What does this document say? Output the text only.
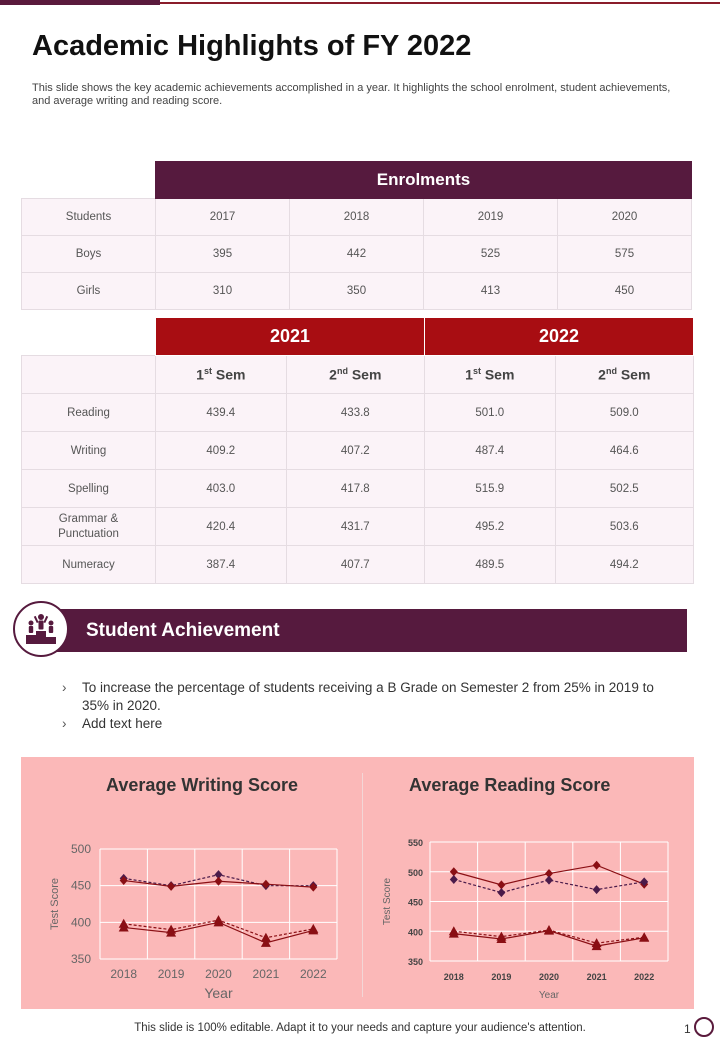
Academic Highlights of FY 2022
This slide shows the key academic achievements accomplished in a year. It highlights the school enrolment, student achievements, and average writing and reading score.
	Enrolments			
Students	2017	2018	2019	2020
Boys	395	442	525	575
Girls	310	350	413	450
	2021		2022	
	1st Sem	2nd Sem	1st Sem	2nd Sem
Reading	439.4	433.8	501.0	509.0
Writing	409.2	407.2	487.4	464.6
Spelling	403.0	417.8	515.9	502.5
Grammar & Punctuation	420.4	431.7	495.2	503.6
Numeracy	387.4	407.7	489.5	494.2
Student Achievement
› To increase the percentage of students receiving a B Grade on Semester 2 from 25% in 2019 to 35% in 2020.
› Add text here
Average Writing Score	Average Reading Score
350
400
450
500
2018 2019 2020 2021 2022
Year
Test Score
350
400
450
500
550
2018	2019	2020	2021	2022
Year
Test Score
This slide is 100% editable. Adapt it to your needs and capture your audience's attention.	1
